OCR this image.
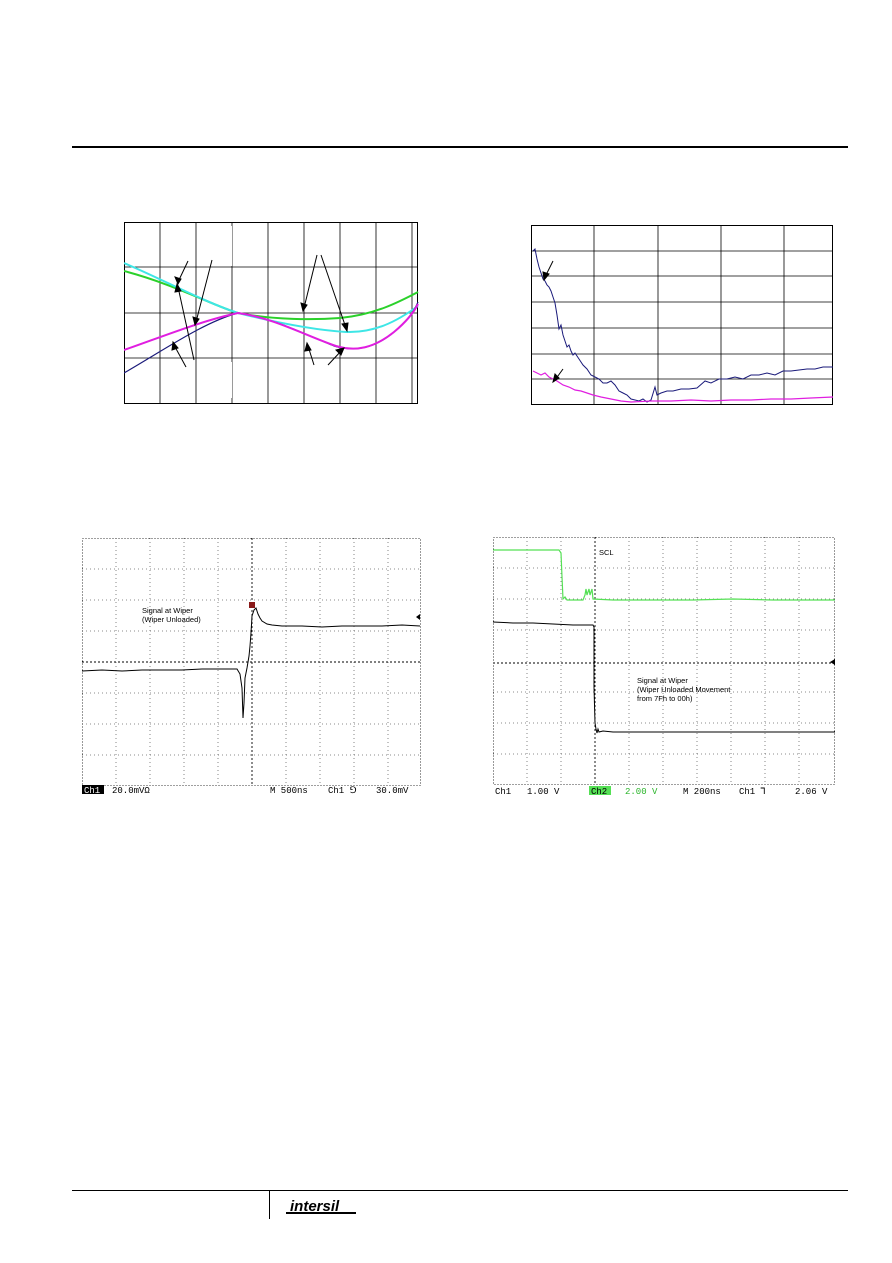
Signal at Wiper
(Wiper Unloaded)
Ch1 20.0mVΩ	M 500ns Ch1 ⅁ 30.0mV
SCL
Signal at Wiper
(Wiper Unloaded Movement
from 7Fh to 00h)
Ch1 1.00 V	Ch2 2.00 V	M 200ns Ch1 ⅂	2.06 V
intersil
